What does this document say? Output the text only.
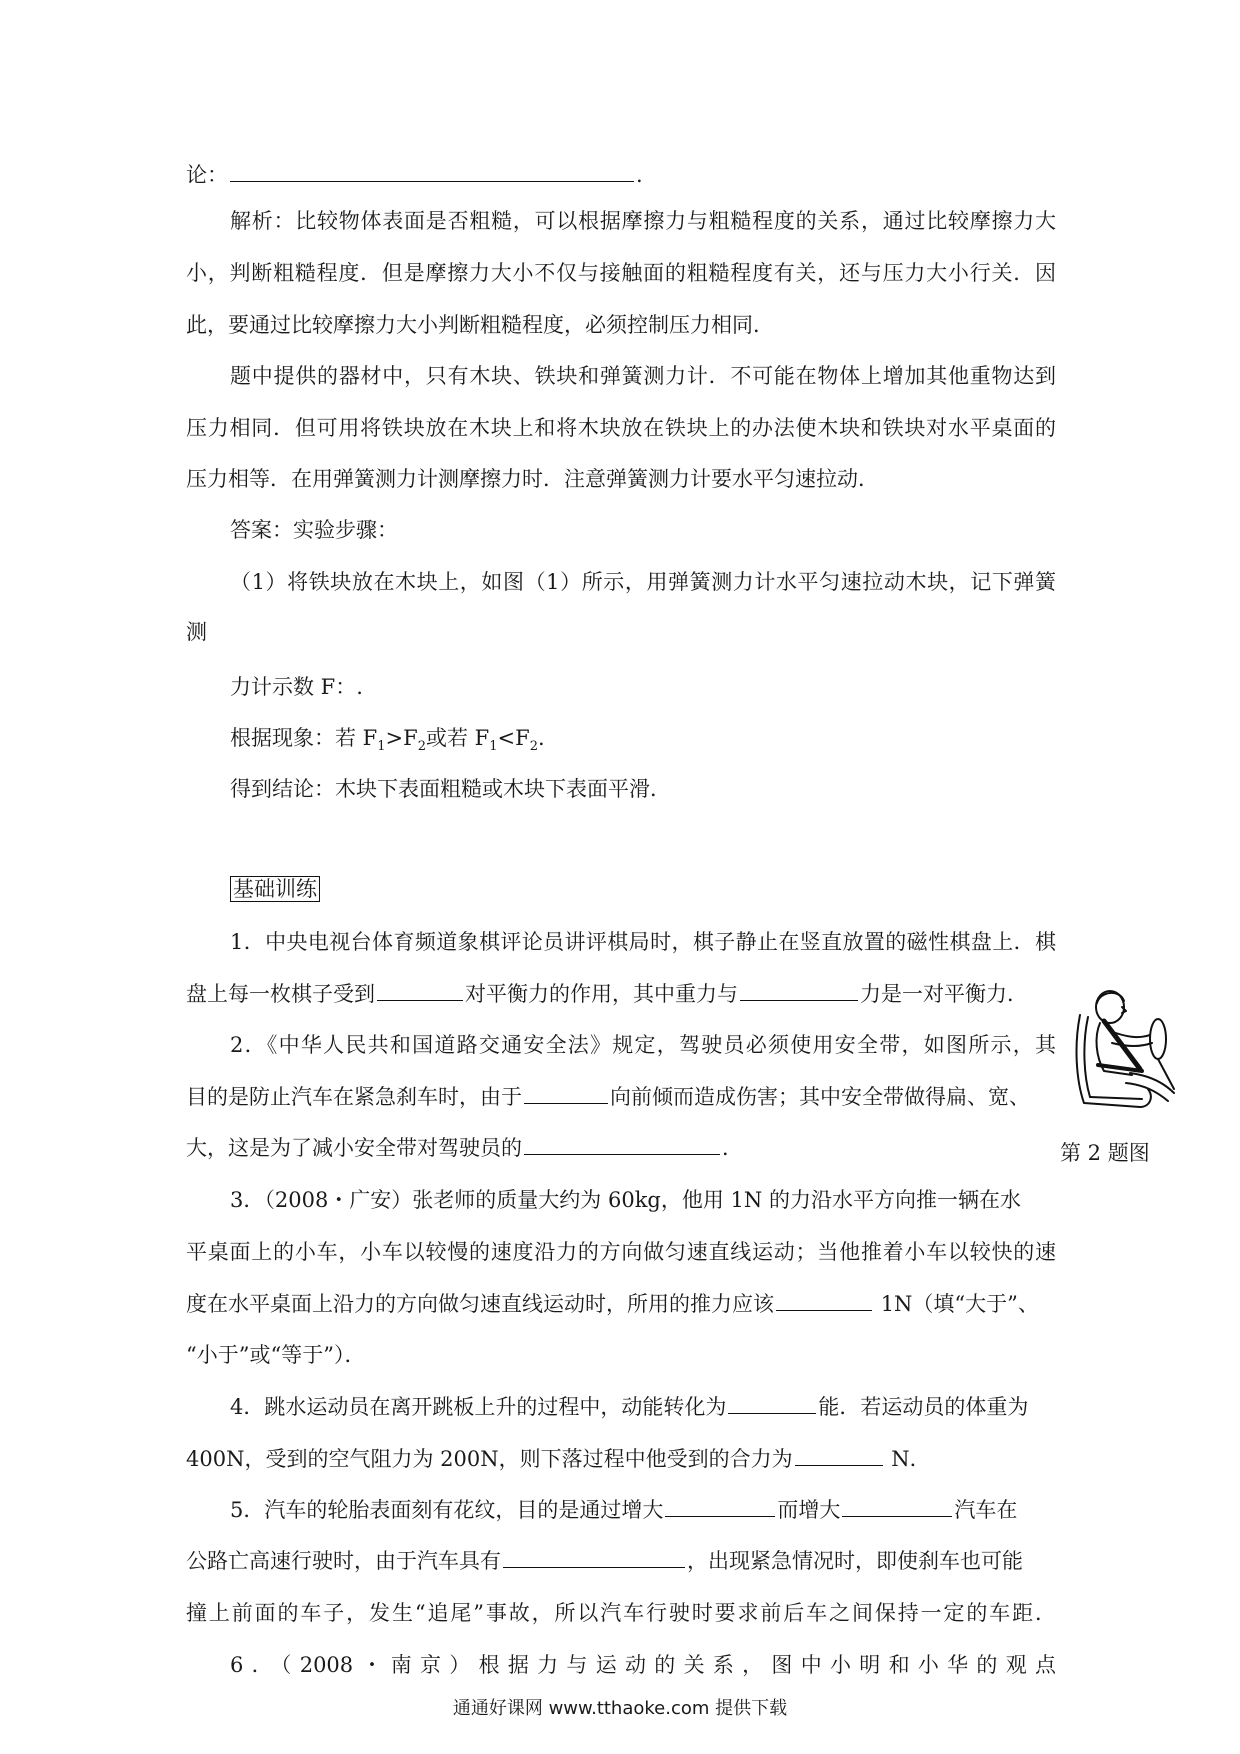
论：	.
解析：比较物体表面是否粗糙，可以根据摩擦力与粗糙程度的关系，通过比较摩擦力大
小，判断粗糙程度．但是摩擦力大小不仅与接触面的粗糙程度有关，还与压力大小行关．因
此，要通过比较摩擦力大小判断粗糙程度，必须控制压力相同．
题中提供的器材中，只有木块、铁块和弹簧测力计．不可能在物体上增加其他重物达到
压力相同．但可用将铁块放在木块上和将木块放在铁块上的办法使木块和铁块对水平桌面的
压力相等．在用弹簧测力计测摩擦力时．注意弹簧测力计要水平匀速拉动．
答案：实验步骤：
（1）将铁块放在木块上，如图（1）所示，用弹簧测力计水平匀速拉动木块，记下弹簧
测
力计示数 F：.
根据现象：若 $F_1>F_2$或若 $F_1<F_2$.
得到结论：木块下表面粗糙或木块下表面平滑．
基础训练
1．中央电视台体育频道象棋评论员讲评棋局时，棋子静止在竖直放置的磁性棋盘上．棋
盘上每一枚棋子受到	对平衡力的作用，其中重力与	力是一对平衡力．
2．《中华人民共和国道路交通安全法》规定，驾驶员必须使用安全带，如图所示，其
目的是防止汽车在紧急刹车时，由于	向前倾而造成伤害；其中安全带做得扁、宽、
大，这是为了减小安全带对驾驶员的	．	第 2 题图
3．（2008・广安）张老师的质量大约为 60kg，他用 1N 的力沿水平方向推一辆在水
平桌面上的小车，小车以较慢的速度沿力的方向做匀速直线运动；当他推着小车以较快的速
度在水平桌面上沿力的方向做匀速直线运动时，所用的推力应该	1N（填“大于”、
“小于”或“等于”）．
4．跳水运动员在离开跳板上升的过程中，动能转化为	能．若运动员的体重为
400N，受到的空气阻力为 200N，则下落过程中他受到的合力为	N．
5．汽车的轮胎表面刻有花纹，目的是通过增大	而增大	汽车在
公路亡高速行驶时，由于汽车具有	，出现紧急情况时，即使刹车也可能
撞上前面的车子，发生“追尾”事故，所以汽车行驶时要求前后车之间保持一定的车距．
6．（2008・南京）根据力与运动的关系，图中小明和小华的观点
通通好课网 www.tthaoke.com 提供下载
